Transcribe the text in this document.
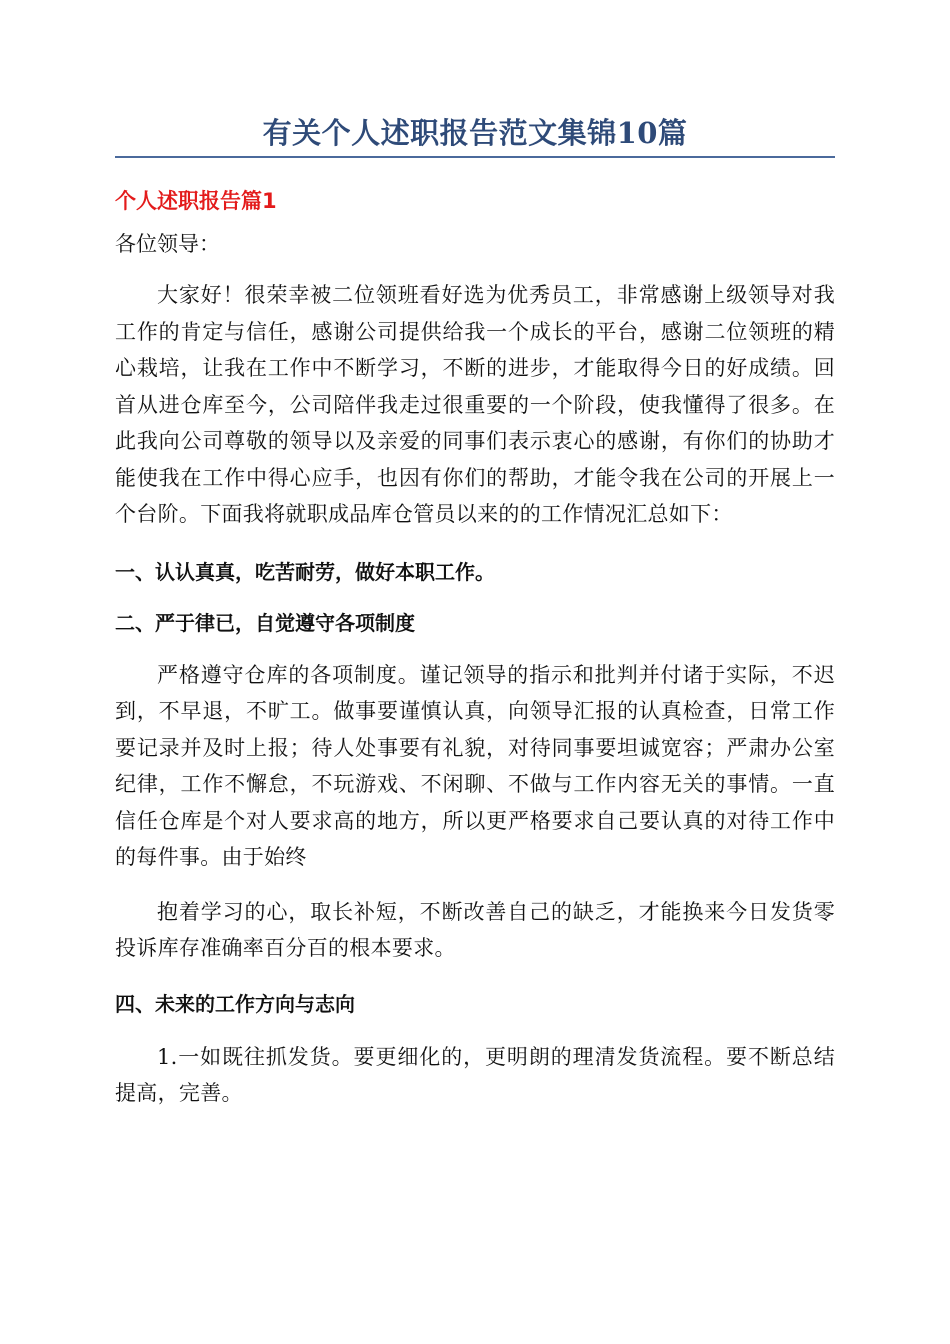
有关个人述职报告范文集锦10篇
个人述职报告篇1
各位领导：

大家好！很荣幸被二位领班看好选为优秀员工，非常感谢上级领导对我工作的肯定与信任，感谢公司提供给我一个成长的平台，感谢二位领班的精心栽培，让我在工作中不断学习，不断的进步，才能取得今日的好成绩。回首从进仓库至今，公司陪伴我走过很重要的一个阶段，使我懂得了很多。在此我向公司尊敬的领导以及亲爱的同事们表示衷心的感谢，有你们的协助才能使我在工作中得心应手，也因有你们的帮助，才能令我在公司的开展上一个台阶。下面我将就职成品库仓管员以来的的工作情况汇总如下：

一、认认真真，吃苦耐劳，做好本职工作。
二、严于律已，自觉遵守各项制度

严格遵守仓库的各项制度。谨记领导的指示和批判并付诸于实际，不迟到，不早退，不旷工。做事要谨慎认真，向领导汇报的认真检查，日常工作要记录并及时上报；待人处事要有礼貌，对待同事要坦诚宽容；严肃办公室纪律，工作不懈怠，不玩游戏、不闲聊、不做与工作内容无关的事情。一直信任仓库是个对人要求高的地方，所以更严格要求自己要认真的对待工作中的每件事。由于始终

抱着学习的心，取长补短，不断改善自己的缺乏，才能换来今日发货零投诉库存准确率百分百的根本要求。

四、未来的工作方向与志向

1.一如既往抓发货。要更细化的，更明朗的理清发货流程。要不断总结提高，完善。
